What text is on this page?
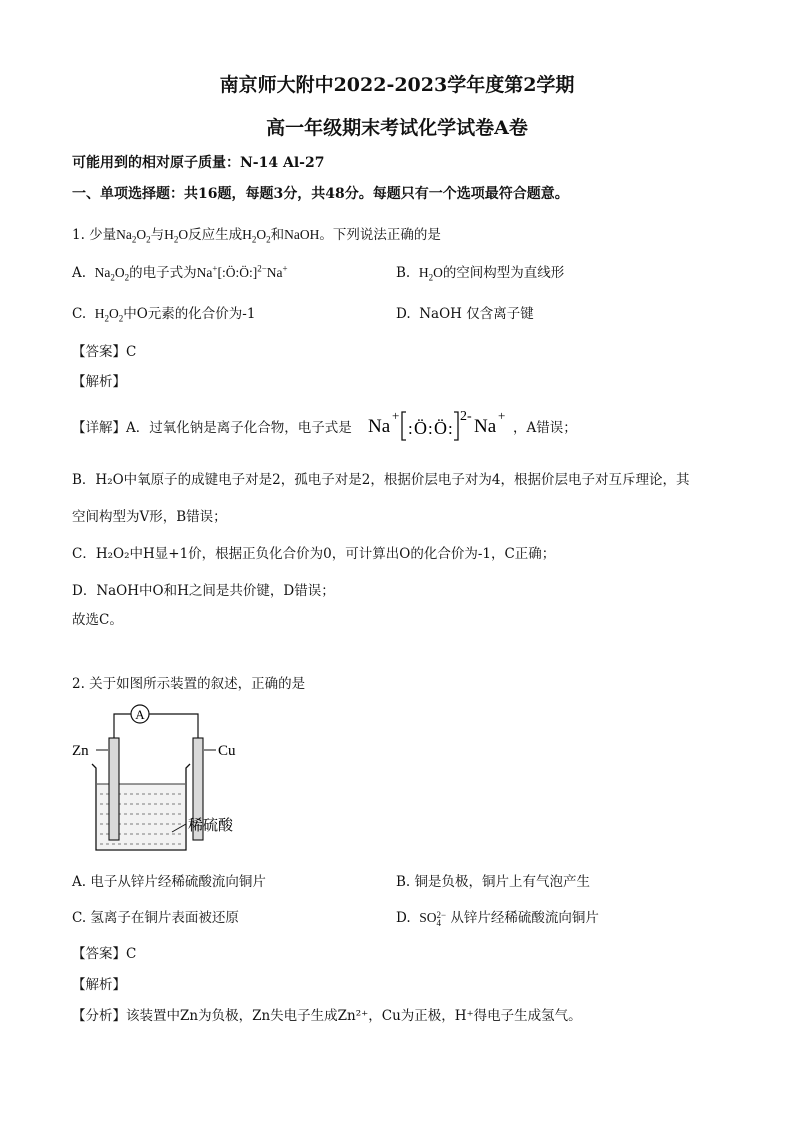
南京师大附中2022-2023学年度第2学期
高一年级期末考试化学试卷A卷
可能用到的相对原子质量：N-14 Al-27
一、单项选择题：共16题，每题3分，共48分。每题只有一个选项最符合题意。
1. 少量$Na_2O_2$与$H_2O$反应生成$H_2O_2$和NaOH。下列说法正确的是
A. $Na_2O_2$的电子式为Na+[:Ö:Ö:]$^{2-}$Na+	B. $H_2O$的空间构型为直线形
C. $H_2O_2$中O元素的化合价为-1	D. NaOH 仅含离子键
【答案】C
【解析】
【详解】A．过氧化钠是离子化合物，电子式是 Na
+
: Ö : Ö :
2- Na
+
，A错误；
B．H₂O中氧原子的成键电子对是2，孤电子对是2，根据价层电子对为4，根据价层电子对互斥理论，其
空间构型为V形，B错误；
C．H₂O₂中H显+1价，根据正负化合价为0，可计算出O的化合价为-1，C正确；
D．NaOH中O和H之间是共价键，D错误；
故选C。
2. 关于如图所示装置的叙述，正确的是
A
Zn	Cu
稀硫酸
A. 电子从锌片经稀硫酸流向铜片	B. 铜是负极，铜片上有气泡产生
C. 氢离子在铜片表面被还原	D. SO2−
4 从锌片经稀硫酸流向铜片
【答案】C
【解析】
【分析】该装置中Zn为负极，Zn失电子生成Zn²⁺，Cu为正极，H⁺得电子生成氢气。
